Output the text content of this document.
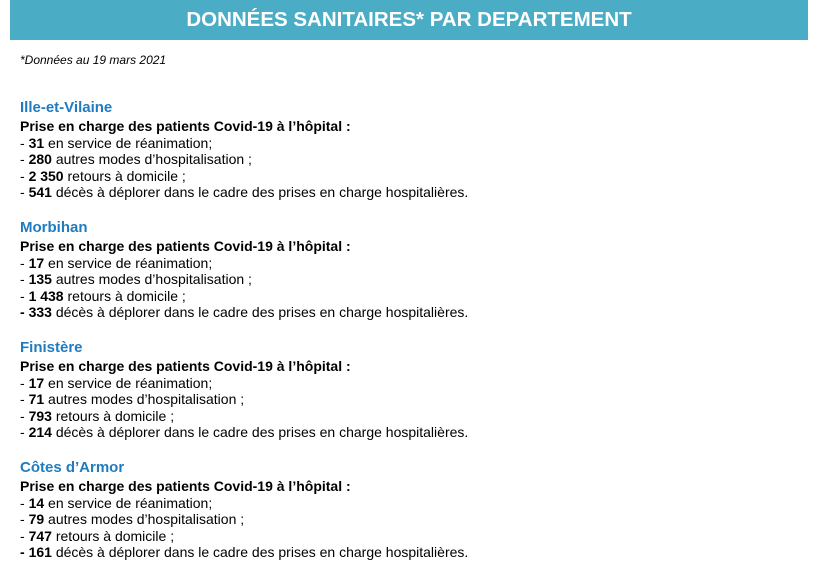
DONNÉES SANITAIRES* PAR DEPARTEMENT
*Données au 19 mars 2021
Ille-et-Vilaine
Prise en charge des patients Covid-19 à l’hôpital :
- 31 en service de réanimation;
- 280 autres modes d’hospitalisation ;
- 2 350 retours à domicile ;
- 541 décès à déplorer dans le cadre des prises en charge hospitalières.
Morbihan
Prise en charge des patients Covid-19 à l’hôpital :
- 17 en service de réanimation;
- 135 autres modes d’hospitalisation ;
- 1 438 retours à domicile ;
- 333 décès à déplorer dans le cadre des prises en charge hospitalières.
Finistère
Prise en charge des patients Covid-19 à l’hôpital :
- 17 en service de réanimation;
- 71 autres modes d’hospitalisation ;
- 793 retours à domicile ;
- 214 décès à déplorer dans le cadre des prises en charge hospitalières.
Côtes d’Armor
Prise en charge des patients Covid-19 à l’hôpital :
- 14 en service de réanimation;
- 79 autres modes d’hospitalisation ;
- 747 retours à domicile ;
- 161 décès à déplorer dans le cadre des prises en charge hospitalières.
